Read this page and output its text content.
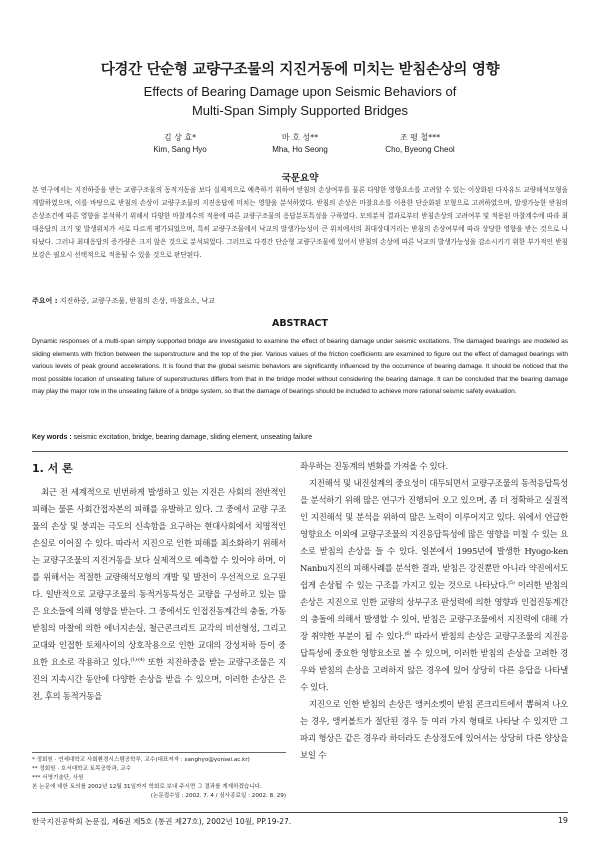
다경간 단순형 교량구조물의 지진거동에 미치는 받침손상의 영향
Effects of Bearing Damage upon Seismic Behaviors of
Multi-Span Simply Supported Bridges
김 상 효*
Kim, Sang Hyo
마 호 성**
Mha, Ho Seong
조 평 철***
Cho, Byeong Cheol
국문요약
본 연구에서는 지진하중을 받는 교량구조물의 동적거동을 보다 실제적으로 예측하기 위하여 받침의 손상여부를 물론 다양한 영향요소를 고려할 수 있는 이상화된 다자유도 교량해석모형을 개발하였으며, 이를 바탕으로 받침의 손상이 교량구조물의 지진응답에 미치는 영향을 분석하였다. 받침의 손상은 마찰요소를 이용한 단순화된 모형으로 고려하였으며, 발생가능한 받침의 손상조건에 따른 영향을 분석하기 위해서 다양한 마찰계수의 적용에 따른 교량구조물의 응답분포특성을 구하였다. 모의분석 결과로부터 받침손상의 고려여부 및 적용된 마찰계수에 따라 최대응답의 크기 및 발생위치가 서로 다르게 평가되었으며, 특히 교량구조물에서 낙교의 발생가능성이 큰 위치에서의 최대상대거리는 받침의 손상여부에 따라 상당한 영향을 받는 것으로 나타났다. 그러나 최대응답의 증가량은 크지 않은 것으로 분석되었다. 그러므로 다경간 단순형 교량구조물에 있어서 받침의 손상에 따른 낙교의 발생가능성을 감소시키기 위한 부가적인 받침보강은 필요시 선택적으로 적용될 수 있을 것으로 판단된다.
주요어 : 지진하중, 교량구조물, 받침의 손상, 마찰요소, 낙교
ABSTRACT
Dynamic responses of a multi-span simply supported bridge are investigated to examine the effect of bearing damage under seismic excitations. The damaged bearings are modeled as sliding elements with friction between the superstructure and the top of the pier. Various values of the friction coefficients are examined to figure out the effect of damaged bearings with various levels of peak ground accelerations. It is found that the global seismic behaviors are significantly influenced by the occurrence of bearing damage. It should be noticed that the most possible location of unseating failure of superstructures differs from that in the bridge model without considering the bearing damage. It can be concluded that the bearing damage may play the major role in the unseating failure of a bridge system, so that the damage of bearings should be included to achieve more rational seismic safety evaluation.
Key words : seismic excitation, bridge, bearing damage, sliding element, unseating failure
1. 서 론

최근 전 세계적으로 빈번하게 발생하고 있는 지진은 사회의 전반적인 피해는 물론 사회간접자본의 피해를 유발하고 있다. 그 중에서 교량 구조물의 손상 및 붕괴는 극도의 신속함을 요구하는 현대사회에서 치명적인 손실로 이어질 수 있다. 따라서 지진으로 인한 피해를 최소화하기 위해서는 교량구조물의 지진거동을 보다 실제적으로 예측할 수 있어야 하며, 이를 위해서는 적절한 교량해석모형의 개발 및 발전이 우선적으로 요구된다. 일반적으로 교량구조물의 동적거동특성은 교량을 구성하고 있는 많은 요소들에 의해 영향을 받는다. 그 중에서도 인접진동계간의 충돌, 가동받침의 마찰에 의한 에너지손실, 철근콘크리트 교각의 비선형성, 그리고 교대와 인접한 토체사이의 상호작용으로 인한 교대의 강성저하 등이 중요한 요소로 작용하고 있다.$^{(1)-(4)}$ 또한 지진하중을 받는 교량구조물은 지진의 지속시간 동안에 다양한 손상을 받을 수 있으며, 이러한 손상은 은 전, 후의 동적거동을

좌우하는 진동계의 변화를 가져올 수 있다.

지진해석 및 내진설계의 중요성이 대두되면서 교량구조물의 동적응답특성을 분석하기 위해 많은 연구가 진행되어 오고 있으며, 좀 더 정확하고 실질적인 지진해석 및 분석을 위하여 많은 노력이 이루어지고 있다. 위에서 언급한 영향요소 이외에 교량구조물의 지진응답특성에 많은 영향을 미칠 수 있는 요소로 받침의 손상을 들 수 있다. 일본에서 1995년에 발생한 Hyogo-ken Nanbu지진의 피해사례를 분석한 결과, 받침은 강진뿐만 아니라 약진에서도 쉽게 손상될 수 있는 구조를 가지고 있는 것으로 나타났다.$^{(5)}$ 이러한 받침의 손상은 지진으로 인한 교량의 상부구조 판성력에 의한 영향과 인접진동계간의 충돌에 의해서 발생할 수 있어, 받침은 교량구조물에서 지진력에 대해 가장 취약한 부분이 될 수 있다.$^{(6)}$ 따라서 받침의 손상은 교량구조물의 지진응답특성에 중요한 영향요소로 볼 수 있으며, 이러한 받침의 손상을 고려한 경우와 받침의 손상을 고려하지 않은 경우에 있어 상당히 다른 응답을 나타낼 수 있다.

지진으로 인한 받침의 손상은 앵커소켓이 받침 콘크리트에서 뽑혀져 나오는 경우, 앵커볼트가 절단된 경우 등 여러 가지 형태로 나타날 수 있지만 그 파괴 형상은 같은 경우라 하더라도 손상정도에 있어서는 상당히 다른 양상을 보일 수

* 정회원 · 연세대학교 사회환경시스템공학부, 교수(대표저자 : sanghyo@yonsei.ac.kr)
** 정회원 · 호서대학교 토목공학과, 교수
*** 서영기술단, 사원
본 논문에 대한 토의를 2002년 12월 31일까지 학회로 보내 주시면 그 결과를 게재하겠습니다.
(논문접수일 : 2002. 7. 4 / 심사종료일 : 2002. 8. 29)
한국지진공학회 논문집, 제6권 제5호 (통권 제27호), 2002년 10월, PP.19-27.	19
